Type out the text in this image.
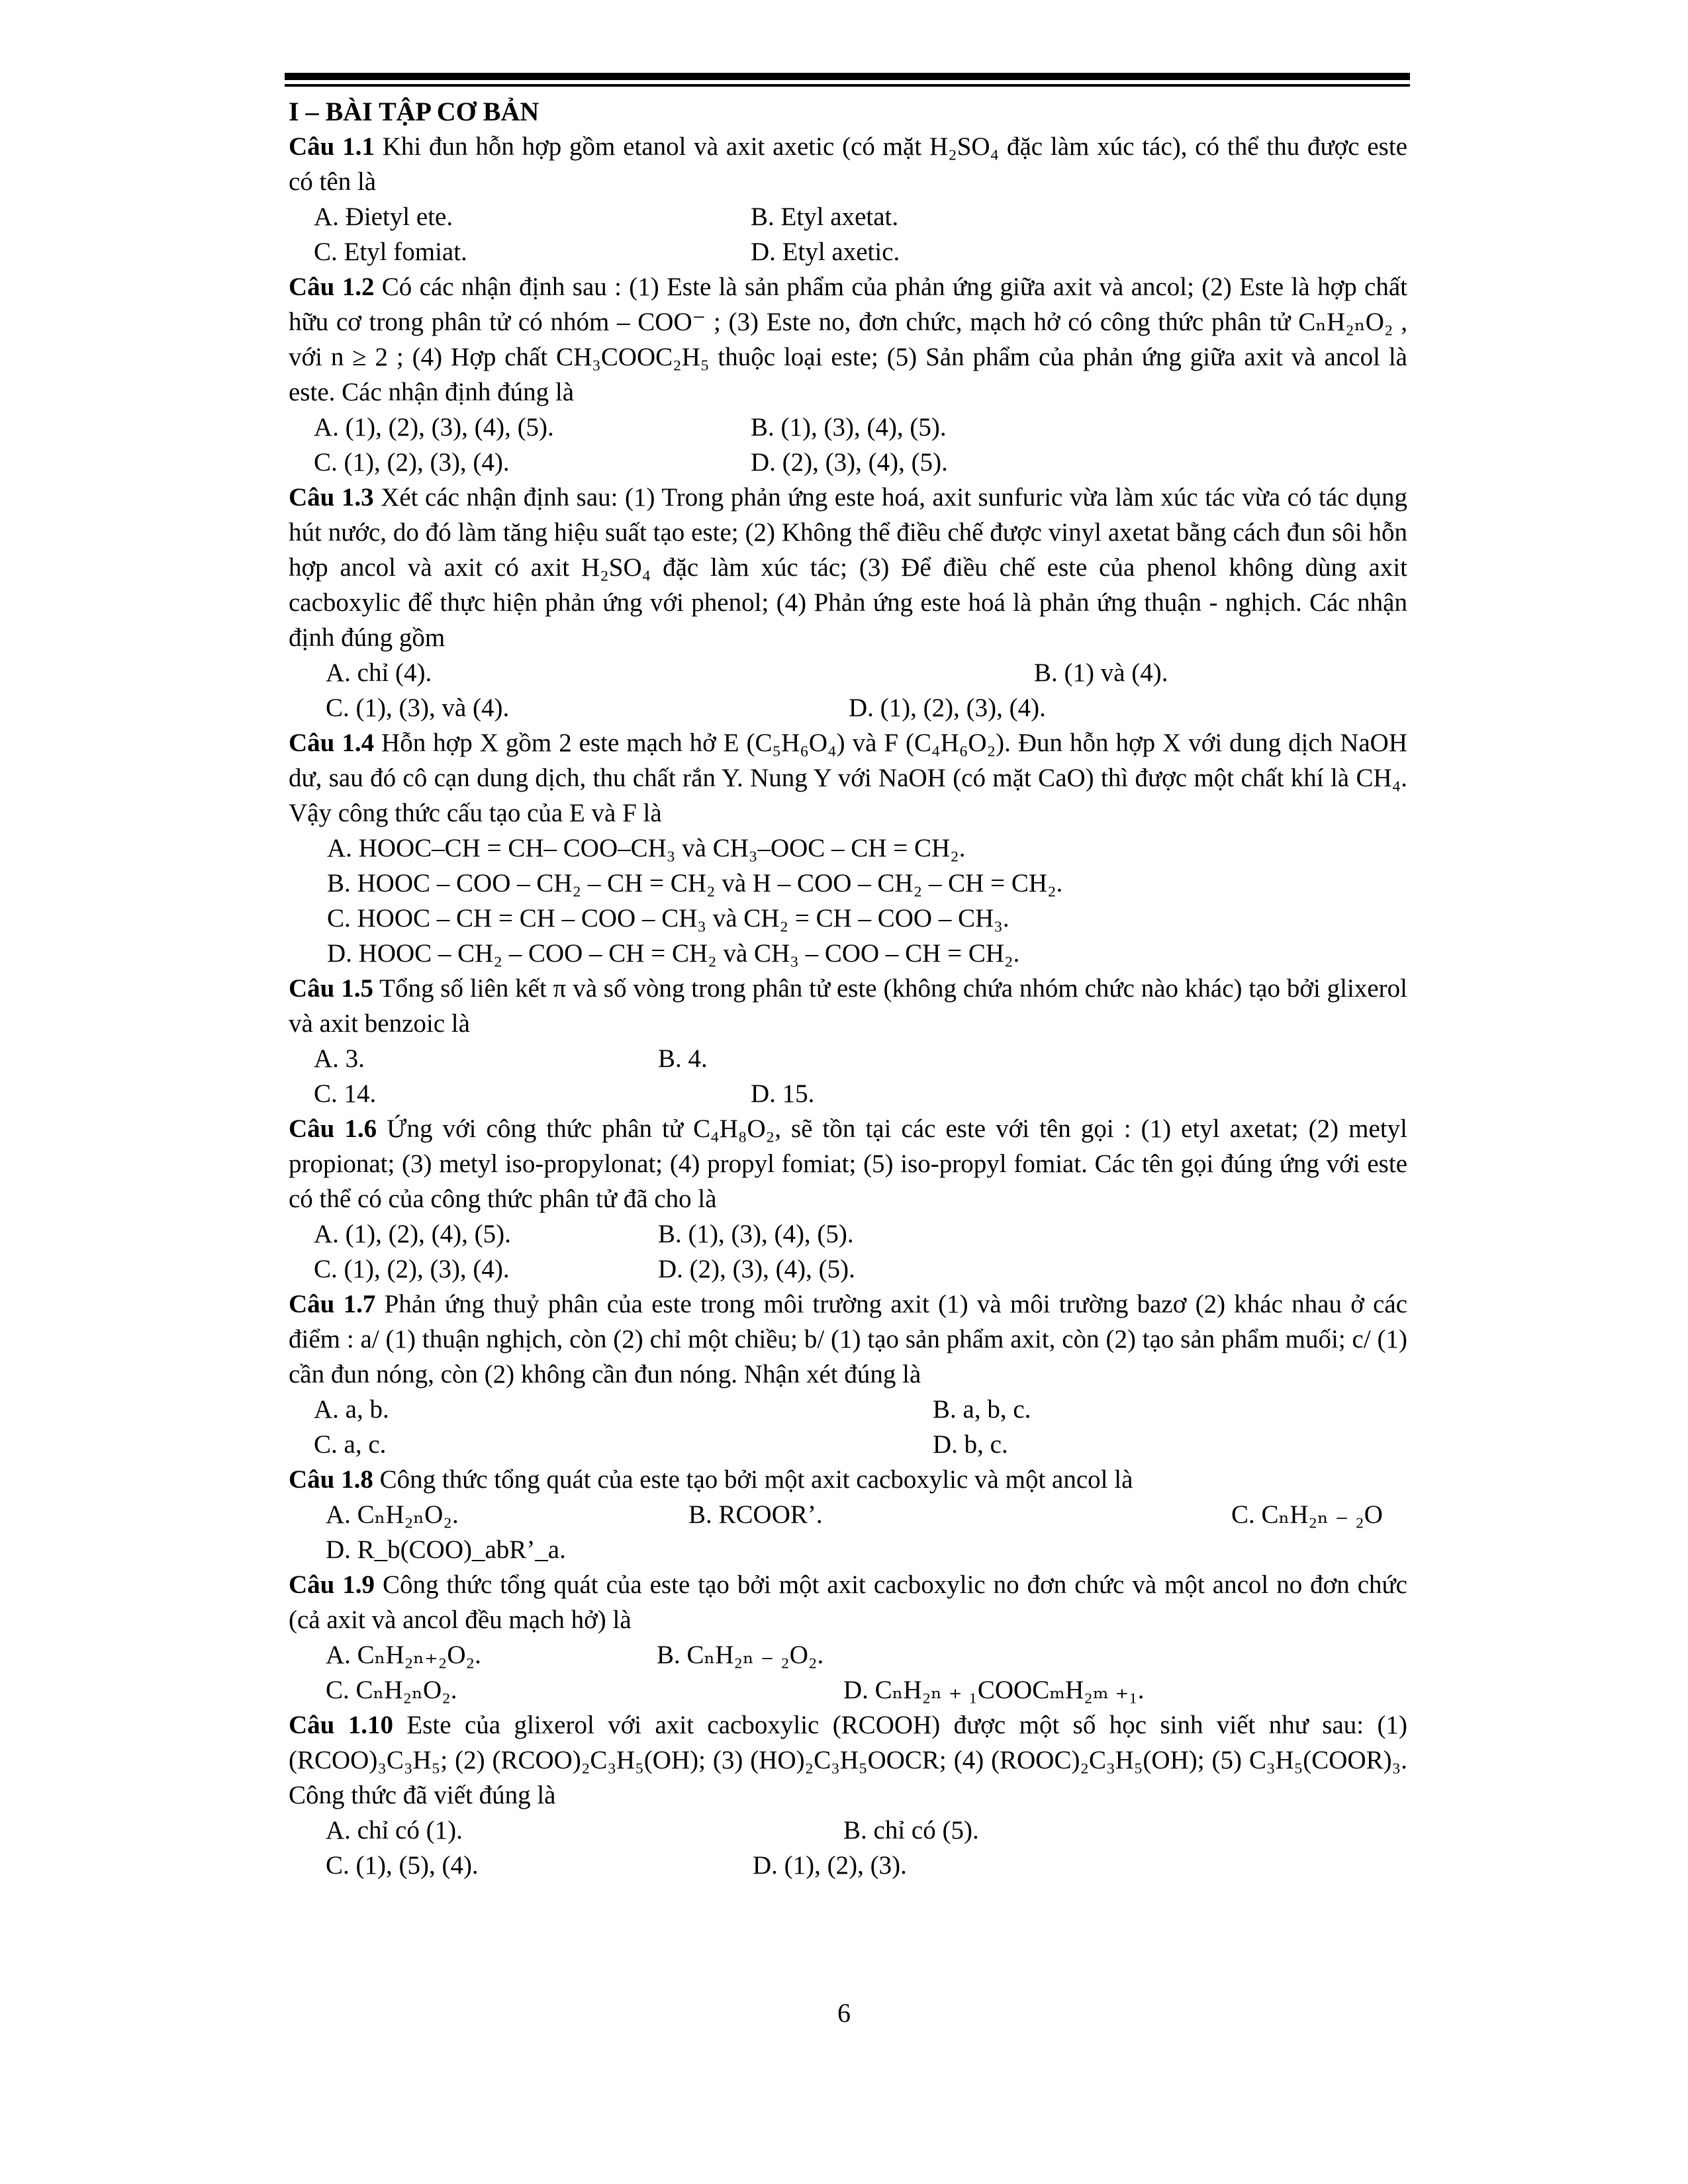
I – BÀI TẬP CƠ BẢN
Câu 1.1 Khi đun hỗn hợp gồm etanol và axit axetic (có mặt H₂SO₄ đặc làm xúc tác), có thể thu được este có tên là
A. Đietyl ete.	B. Etyl axetat.
C. Etyl fomiat.	D. Etyl axetic.
Câu 1.2 Có các nhận định sau : (1) Este là sản phẩm của phản ứng giữa axit và ancol; (2) Este là hợp chất hữu cơ trong phân tử có nhóm – COO⁻ ; (3) Este no, đơn chức, mạch hở có công thức phân tử CₙH₂ₙO₂ , với n ≥ 2 ; (4) Hợp chất CH₃COOC₂H₅ thuộc loại este; (5) Sản phẩm của phản ứng giữa axit và ancol là este. Các nhận định đúng là
A. (1), (2), (3), (4), (5).	B. (1), (3), (4), (5).
C. (1), (2), (3), (4).	D. (2), (3), (4), (5).
Câu 1.3 Xét các nhận định sau: (1) Trong phản ứng este hoá, axit sunfuric vừa làm xúc tác vừa có tác dụng hút nước, do đó làm tăng hiệu suất tạo este; (2) Không thể điều chế được vinyl axetat bằng cách đun sôi hỗn hợp ancol và axit có axit H₂SO₄ đặc làm xúc tác; (3) Để điều chế este của phenol không dùng axit cacboxylic để thực hiện phản ứng với phenol; (4) Phản ứng este hoá là phản ứng thuận - nghịch. Các nhận định đúng gồm
A. chỉ (4).	B. (1) và (4).
C. (1), (3), và (4).	D. (1), (2), (3), (4).
Câu 1.4 Hỗn hợp X gồm 2 este mạch hở E (C₅H₆O₄) và F (C₄H₆O₂). Đun hỗn hợp X với dung dịch NaOH dư, sau đó cô cạn dung dịch, thu chất rắn Y. Nung Y với NaOH (có mặt CaO) thì được một chất khí là CH₄. Vậy công thức cấu tạo của E và F là
A. HOOC–CH = CH– COO–CH₃ và CH₃–OOC – CH = CH₂.
B. HOOC – COO – CH₂ – CH = CH₂ và H – COO – CH₂ – CH = CH₂.
C. HOOC – CH = CH – COO – CH₃ và CH₂ = CH – COO – CH₃.
D. HOOC – CH₂ – COO – CH = CH₂ và CH₃ – COO – CH = CH₂.
Câu 1.5 Tổng số liên kết π và số vòng trong phân tử este (không chứa nhóm chức nào khác) tạo bởi glixerol và axit benzoic là
A. 3.	B. 4.
C. 14.	D. 15.
Câu 1.6 Ứng với công thức phân tử C₄H₈O₂, sẽ tồn tại các este với tên gọi : (1) etyl axetat; (2) metyl propionat; (3) metyl iso-propylonat; (4) propyl fomiat; (5) iso-propyl fomiat. Các tên gọi đúng ứng với este có thể có của công thức phân tử đã cho là
A. (1), (2), (4), (5).	B. (1), (3), (4), (5).
C. (1), (2), (3), (4).	D. (2), (3), (4), (5).
Câu 1.7 Phản ứng thuỷ phân của este trong môi trường axit (1) và môi trường bazơ (2) khác nhau ở các điểm : a/ (1) thuận nghịch, còn (2) chỉ một chiều; b/ (1) tạo sản phẩm axit, còn (2) tạo sản phẩm muối; c/ (1) cần đun nóng, còn (2) không cần đun nóng. Nhận xét đúng là
A. a, b.	B. a, b, c.
C. a, c.	D. b, c.
Câu 1.8 Công thức tổng quát của este tạo bởi một axit cacboxylic và một ancol là
A. CₙH₂ₙO₂.	B. RCOOR’.	C. CₙH₂ₙ ₋ ₂O
D. R_b(COO)_abR’_a.
Câu 1.9 Công thức tổng quát của este tạo bởi một axit cacboxylic no đơn chức và một ancol no đơn chức (cả axit và ancol đều mạch hở) là
A. CₙH₂ₙ₊₂O₂.	B. CₙH₂ₙ ₋ ₂O₂.
C. CₙH₂ₙO₂.	D. CₙH₂ₙ ₊ ₁COOCₘH₂ₘ ₊₁.
Câu 1.10 Este của glixerol với axit cacboxylic (RCOOH) được một số học sinh viết như sau: (1) (RCOO)₃C₃H₅; (2) (RCOO)₂C₃H₅(OH); (3) (HO)₂C₃H₅OOCR; (4) (ROOC)₂C₃H₅(OH); (5) C₃H₅(COOR)₃. Công thức đã viết đúng là
A. chỉ có (1).	B. chỉ có (5).
C. (1), (5), (4).	D. (1), (2), (3).
6
